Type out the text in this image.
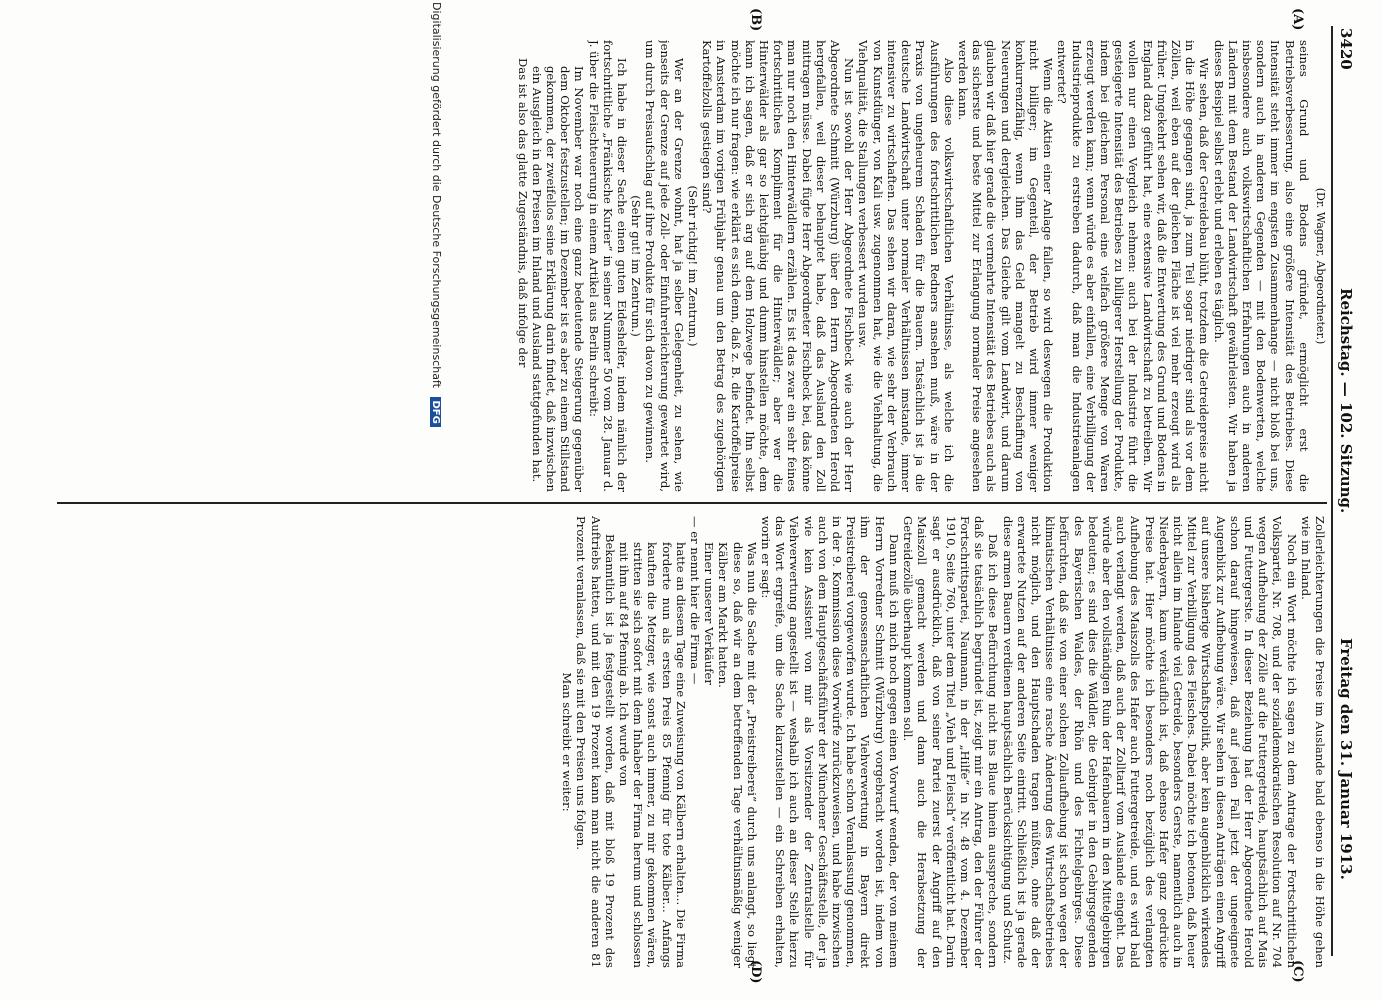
3420
Reichstag. — 102. Sitzung.
Freitag den 31. Januar 1913.
(A)
(B)
(C)
(D)

(Dr. Wagner, Abgeordneter.)

seines Grund und Bodens gründet, ermöglicht erst die Betriebsverbesserung, also eine größere Intensität des Betriebes. Diese Intensität steht immer im engsten Zusammenhange — nicht bloß bei uns, sondern auch in anderen Gegenden — mit den Bodenwerten, welche insbesondere auch volkswirtschaftlichen Erfahrungen auch in anderen Ländern mit dem Bestand der Landwirtschaft gewährleisten. Wir haben ja dieses Beispiel selbst erlebt und erleben es täglich.

Wir sehen, daß der Getreidebau blüht, trotzdem die Getreidepreise nicht in die Höhe gegangen sind, ja zum Teil sogar niedriger sind als vor dem Zöllen, weil eben auf der gleichen Fläche ist viel mehr erzeugt wird als früher. Umgekehrt sehen wir, daß die Entwertung des Grund und Bodens in England dazu geführt hat, eine extensive Landwirtschaft zu betreiben. Wir wollen nur einen Vergleich nehmen: auch bei der Industrie führt die gesteigerte Intensität des Betriebes zu billigerer Herstellung der Produkte, indem bei gleichem Personal eine vielfach größere Menge von Waren erzeugt werden kann; wenn würde es aber einfallen, eine Verbilligung der Industrieprodukte zu erstreben dadurch, daß man die Industrieanlagen entwertet?

Wenn die Aktien einer Anlage fallen, so wird deswegen die Produktion nicht billiger; im Gegenteil, der Betrieb wird immer weniger konkurrenzfähig, wenn ihm das Geld mangelt zu Beschaffung von Neuerungen und dergleichen. Das Gleiche gilt vom Landwirt, und darum glauben wir daß hier gerade die vermehrte Intensität des Betriebes auch als das sicherste und beste Mittel zur Erlangung normaler Preise angesehen werden kann.

Also diese volkswirtschaftlichen Verhältnisse, als welche ich die Ausführungen des fortschrittlichen Redners ansehen muß, wäre in der Praxis von ungeheurem Schaden für die Bauern. Tatsächlich ist ja die deutsche Landwirtschaft unter normaler Verhältnissen imstande, immer intensiver zu wirtschaften. Das sehen wir daran, wie sehr der Verbrauch von Kunstdünger, von Kali usw. zugenommen hat, wie die Viehhaltung, die Viehqualität, die Stallungen verbessert wurden usw.

Nun ist sowohl der Herr Abgeordnete Fischbeck wie auch der Herr Abgeordnete Schmitt (Würzburg) über den Herrn Abgeordneten Herold hergefallen, weil dieser behauptet habe, daß das Ausland den Zoll mittragen müsse. Dabei fügte Herr Abgeordneter Fischbeck bei, das könne man nur noch den Hinterwäldlern erzählen. Es ist das zwar ein sehr feines fortschrittliches Kompliment für die Hinterwäldler; aber wer die Hinterwälder als gar so leichtgläubig und dumm hinstellen möchte, dem kann ich sagen, daß er sich arg auf dem Holzwege befindet. Ihn selbst möchte ich nur fragen: wie erklärt es sich denn, daß z. B. die Kartoffelpreise in Amsterdam im vorigen Frühjahr genau um den Betrag des zugehörigen Kartoffelzolls gestiegen sind?

(Sehr richtig! im Zentrum.)

Wer an der Grenze wohnt, hat ja selber Gelegenheit, zu sehen, wie jenseits der Grenze auf jede Zoll- oder Einfuhrerleichterung gewartet wird, um durch Preisaufschlag auf ihre Produkte für sich davon zu gewinnen.

(Sehr gut! im Zentrum.)

Ich habe in dieser Sache einen guten Eideshelfer, indem nämlich der fortschrittliche „Fränkische Kurier“ in seiner Nummer 50 vom 28. Januar d. J. über die Fleischteuerung in einem Artikel aus Berlin schreibt:

Im November war noch eine ganz bedeutende Steigerung gegenüber dem Oktober festzustellen; im Dezember ist es aber zu einem Stillstand gekommen, der zweifellos seine Erklärung darin findet, daß inzwischen ein Ausgleich in den Preisen im Inland und Ausland stattgefunden hat.

Das ist also das glatte Zugeständnis, daß infolge der

Zollerleichterungen die Preise im Auslande bald ebenso in die Höhe gehen wie im Inland.

Noch ein Wort möchte ich sagen zu dem Antrage der Fortschrittlichen Volkspartei, Nr. 708, und der sozialdemokratischen Resolution auf Nr. 704 wegen Aufhebung der Zölle auf die Futtergetreide, hauptsächlich auf Mais und Futtergerste. In dieser Beziehung hat der Herr Abgeordnete Herold schon darauf hingewiesen, daß auf jeden Fall jetzt der ungeeignete Augenblick zur Aufhebung wäre. Wir sehen in diesen Anträgen einen Angriff auf unsere bisherige Wirtschaftspolitik, aber kein augenblicklich wirkendes Mittel zur Verbilligung des Fleisches. Dabei möchte ich betonen, daß heuer nicht allein im Inlande viel Getreide, besonders Gerste, namentlich auch in Niederbayern, kaum verkäuflich ist, daß ebenso Hafer ganz gedrückte Preise hat. Hier möchte ich besonders noch bezüglich des verlangten Aufhebung des Maiszolls des Hafer auch Futtergetreide, und es wird bald auch verlangt werden, daß auch der Zolltarif vom Auslande eingeht. Das würde aber den vollständigen Ruin der Hafenbauern in den Mittelgebirgen bedeuten; es sind dies die Wäldler, die Gebirgler in den Gebirgsgegenden des Bayerischen Waldes, der Rhön und des Fichtelgebirges. Diese befürchten, daß sie von einer solchen Zollaufhebung ist schon wegen der klimatischen Verhältnisse eine rasche Änderung des Wirtschaftsbetriebes nicht möglich, und den Hauptschaden tragen müßten, ohne daß der erwartete Nutzen auf der anderen Seite eintritt. Schließlich ist ja gerade diese armen Bauern verdienen hauptsächlich Berücksichtigung und Schutz.

Daß ich diese Befürchtung nicht ins Blaue hinein ausspreche, sondern daß sie tatsächlich begründet ist, zeigt mir ein Antrag, den der Führer der Fortschrittspartei, Naumann, in der „Hilfe“ in Nr. 48 vom 4. Dezember 1910, Seite 760, unter dem Titel „Vieh und Fleisch“ veröffentlicht hat. Darin sagt er ausdrücklich, daß von seiner Partei zuerst der Angriff auf den Maiszoll gemacht werden und dann auch die Herabsetzung der Getreidezölle überhaupt kommen soll.

Dann muß ich mich noch gegen einen Vorwurf wenden, der von meinem Herrn Vorredner Schmitt (Würzburg) vorgebracht worden ist, indem von ihm der genossenschaftlichen Viehverwertung in Bayern direkt Preistreiberei vorgeworfen wurde. Ich habe schon Veranlassung genommen, in der 9. Kommission diese Vorwürfe zurückzuweisen, und habe inzwischen auch von dem Hauptgeschäftsführer der Münchener Geschäftsstelle, der ja wie kein Assistent von mir als Vorsitzender der Zentralstelle für Viehverwertung angestellt ist — weshalb ich auch an dieser Stelle hierzu das Wort ergreife, um die Sache klarzustellen — ein Schreiben erhalten, worin er sagt:

Was nun die Sache mit der „Preistreiberei“ durch uns anlangt, so liegt diese so, daß wir an dem betreffenden Tage verhältnismäßig weniger Kälber am Markt hatten.

Einer unserer Verkäufer

— er nennt hier die Firma —

hatte an diesem Tage eine Zuweisung von Kälbern erhalten... Die Firma forderte nun als ersten Preis 85 Pfennig für tote Kälber... Anfangs kauften die Metzger, wie sonst auch immer, zu mir gekommen wären, stritten sie sich sofort mit dem Inhaber der Firma herum und schlossen mit ihm auf 84 Pfennig ab. Ich wurde von

Bekanntlich ist ja festgestellt worden, daß mit bloß 19 Prozent des Auftriebs hatten, und mit den 19 Prozent kann man nicht die anderen 81 Prozent veranlassen, daß sie mit den Preisen uns folgen.

Man schreibt er weiter:

Digitalisierung gefördert durch die Deutsche Forschungsgemeinschaft DFG
